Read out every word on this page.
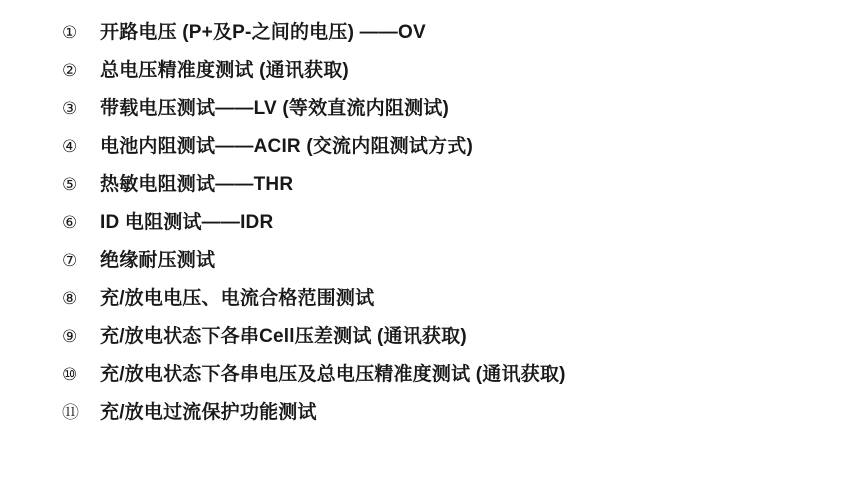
①	开路电压 (P+及P-之间的电压) ——OV
②	总电压精准度测试 (通讯获取)
③	带载电压测试——LV (等效直流内阻测试)
④	电池内阻测试——ACIR (交流内阻测试方式)
⑤	热敏电阻测试——THR
⑥	ID 电阻测试——IDR
⑦	绝缘耐压测试
⑧	充/放电电压、电流合格范围测试
⑨	充/放电状态下各串Cell压差测试 (通讯获取)
⑩	充/放电状态下各串电压及总电压精准度测试 (通讯获取)
⑪	充/放电过流保护功能测试
